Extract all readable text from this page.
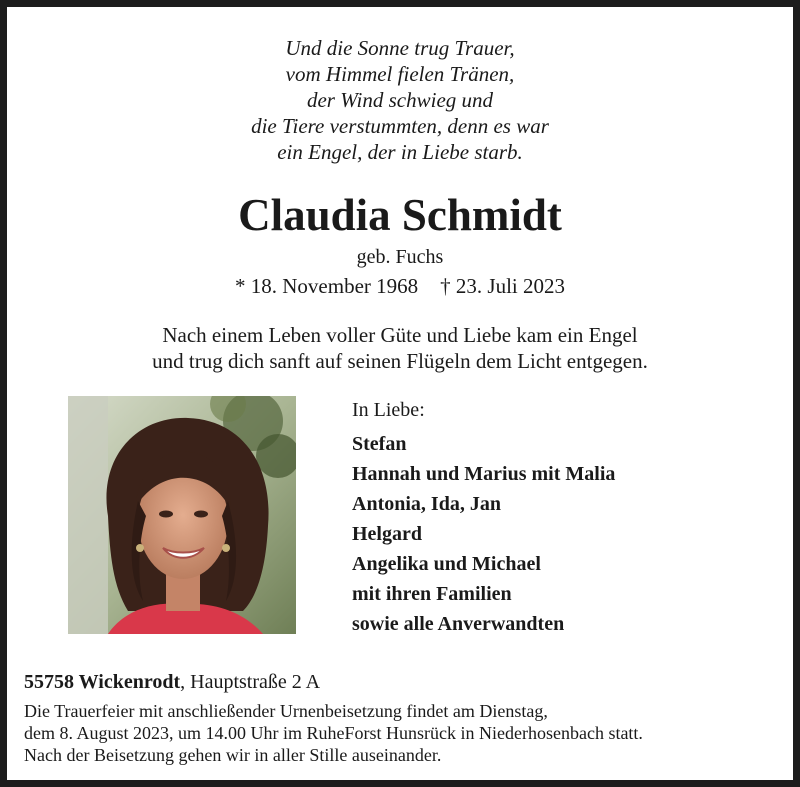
Und die Sonne trug Trauer,
vom Himmel fielen Tränen,
der Wind schwieg und
die Tiere verstummten, denn es war
ein Engel, der in Liebe starb.
Claudia Schmidt
geb. Fuchs
* 18. November 1968 † 23. Juli 2023
Nach einem Leben voller Güte und Liebe kam ein Engel
und trug dich sanft auf seinen Flügeln dem Licht entgegen.
In Liebe:
Stefan
Hannah und Marius mit Malia
Antonia, Ida, Jan
Helgard
Angelika und Michael
mit ihren Familien
sowie alle Anverwandten
55758 Wickenrodt, Hauptstraße 2 A
Die Trauerfeier mit anschließender Urnenbeisetzung findet am Dienstag,
dem 8. August 2023, um 14.00 Uhr im RuheForst Hunsrück in Niederhosenbach statt.
Nach der Beisetzung gehen wir in aller Stille auseinander.
